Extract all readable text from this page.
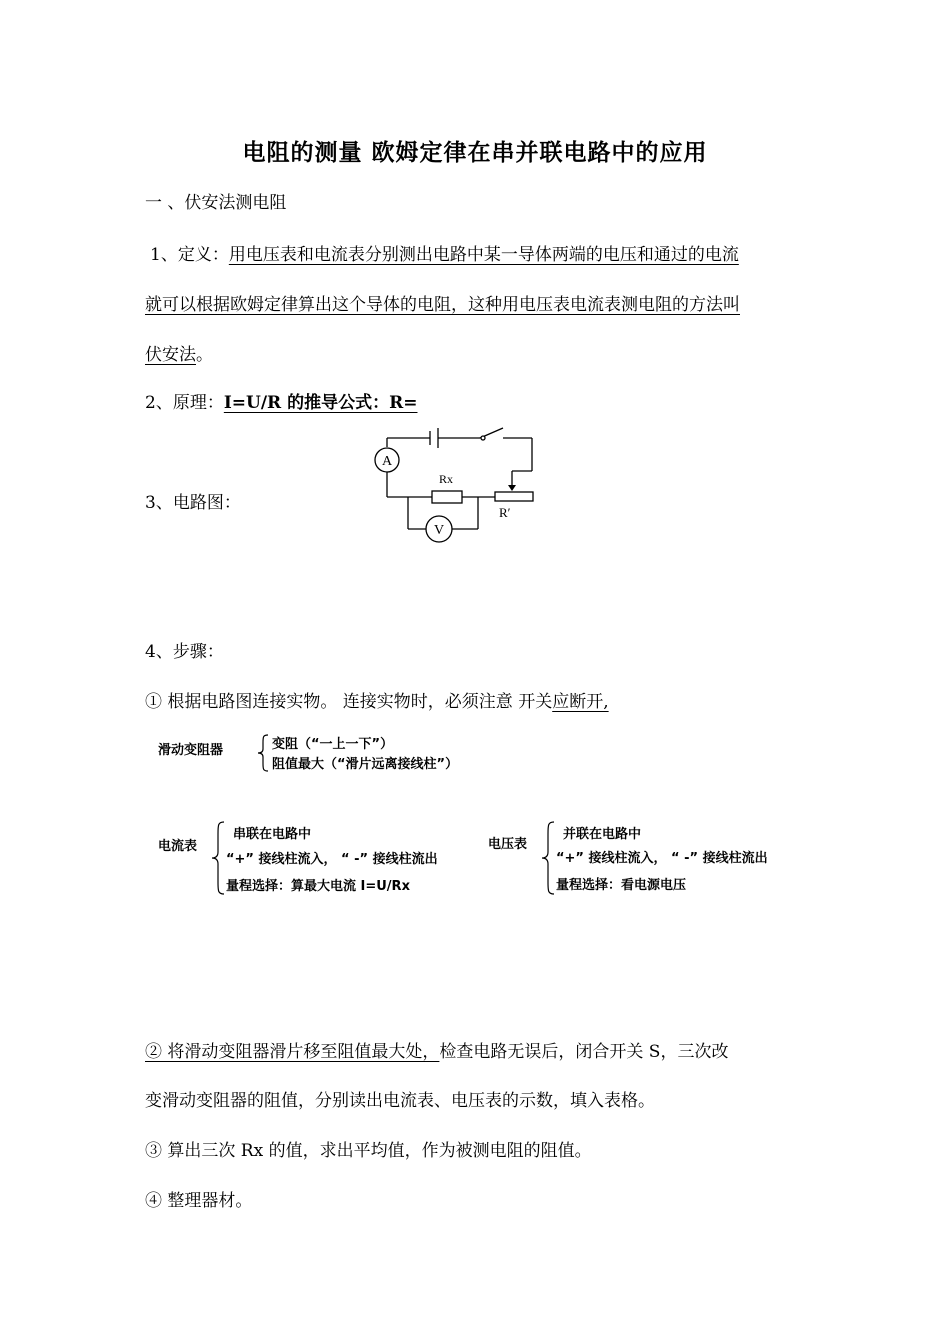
电阻的测量 欧姆定律在串并联电路中的应用
一 、伏安法测电阻
1、定义：用电压表和电流表分别测出电路中某一导体两端的电压和通过的电流
就可以根据欧姆定律算出这个导体的电阻，这种用电压表电流表测电阻的方法叫
伏安法。
2、原理：I=U/R 的推导公式：R=
3、电路图：
A
V
Rx
R′
4、步骤：
① 根据电路图连接实物。 连接实物时，必须注意 开关应断开,
滑动变阻器	变阻（“一上一下”）
阻值最大（“滑片远离接线柱”）
电流表
串联在电路中
“+” 接线柱流入， “ -” 接线柱流出
量程选择：算最大电流 I=U/Rx
电压表
并联在电路中
“+” 接线柱流入， “ -” 接线柱流出
量程选择：看电源电压
② 将滑动变阻器滑片移至阻值最大处，检查电路无误后，闭合开关 S，三次改
变滑动变阻器的阻值，分别读出电流表、电压表的示数，填入表格。
③ 算出三次 Rx 的值，求出平均值，作为被测电阻的阻值。
④ 整理器材。
